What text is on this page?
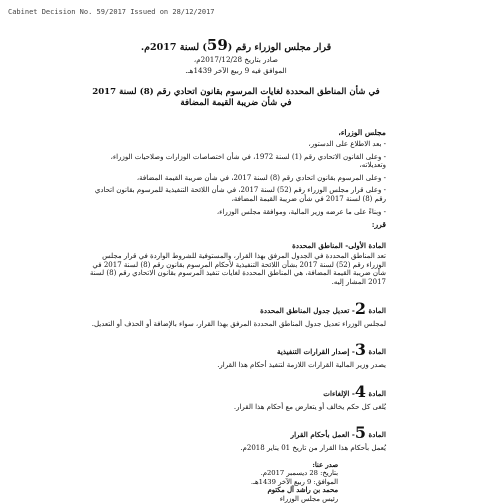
Cabinet Decision No. 59/2017 Issued on 28/12/2017

قرار مجلس الوزراء رقم (59) لسنة 2017م.

صادر بتاريخ 2017/12/28م،

الموافق فيه 9 ربيع الآخر 1439هـ.

في شأن المناطق المحددة لغايات المرسوم بقانون اتحادي رقم (8) لسنة 2017

في شأن ضريبة القيمة المضافة

مجلس الوزراء،

- بعد الاطلاع على الدستور،

- وعلى القانون الاتحادي رقم (1) لسنة 1972، في شأن اختصاصات الوزارات وصلاحيات الوزراء، وتعديلاته،

- وعلى المرسوم بقانون اتحادي رقم (8) لسنة 2017، في شأن ضريبة القيمة المضافة،

- وعلى قرار مجلس الوزراء رقم (52) لسنة 2017، في شأن اللائحة التنفيذية للمرسوم بقانون اتحادي رقم (8) لسنة 2017 في شأن ضريبة القيمة المضافة،

- وبناءً على ما عرضه وزير المالية، وموافقة مجلس الوزراء،

قرر:

المادة الأولى- المناطق المحددة

تعد المناطق المحددة في الجدول المرفق بهذا القرار، والمستوفية للشروط الواردة في قرار مجلس الوزراء رقم (52) لسنة 2017 بشأن اللائحة التنفيذية لأحكام المرسوم بقانون رقم (8) لسنة 2017 في شأن ضريبة القيمة المضافة، هي المناطق المحددة لغايات تنفيذ المرسوم بقانون الاتحادي رقم (8) لسنة 2017 المشار إليه.

المادة 2- تعديل جدول المناطق المحددة

لمجلس الوزراء تعديل جدول المناطق المحددة المرفق بهذا القرار، سواء بالإضافة أو الحذف أو التعديل.

المادة 3- إصدار القرارات التنفيذية

يصدر وزير المالية القرارات اللازمة لتنفيذ أحكام هذا القرار.

المادة 4- الإلغاءات

يُلغى كل حكم يخالف أو يتعارض مع أحكام هذا القرار.

المادة 5- العمل بأحكام القرار

يُعمل بأحكام هذا القرار من تاريخ 01 يناير 2018م.

صدر عنا:

بتاريخ: 28 ديسمبر 2017م.

الموافق: 9 ربيع الآخر 1439هـ.

محمد بن راشد آل مكتوم

رئيس مجلس الوزراء
